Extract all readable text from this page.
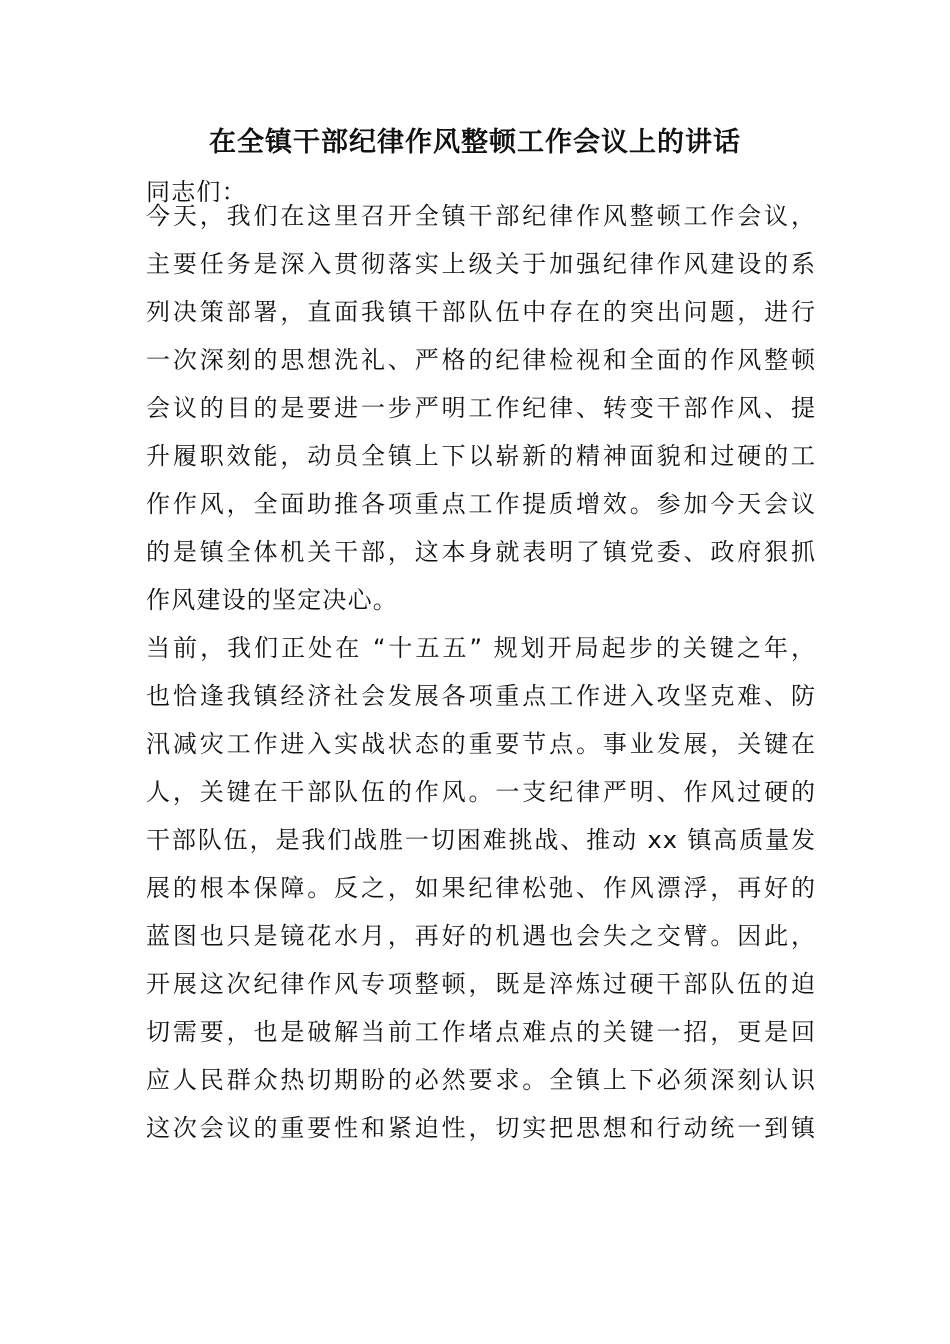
在全镇干部纪律作风整顿工作会议上的讲话
同志们：
今天，我们在这里召开全镇干部纪律作风整顿工作会议，
主要任务是深入贯彻落实上级关于加强纪律作风建设的系
列决策部署，直面我镇干部队伍中存在的突出问题，进行
一次深刻的思想洗礼、严格的纪律检视和全面的作风整顿
会议的目的是要进一步严明工作纪律、转变干部作风、提
升履职效能，动员全镇上下以崭新的精神面貌和过硬的工
作作风，全面助推各项重点工作提质增效。参加今天会议
的是镇全体机关干部，这本身就表明了镇党委、政府狠抓
作风建设的坚定决心。
当前，我们正处在 “十五五” 规划开局起步的关键之年，
也恰逢我镇经济社会发展各项重点工作进入攻坚克难、防
汛减灾工作进入实战状态的重要节点。事业发展，关键在
人，关键在干部队伍的作风。一支纪律严明、作风过硬的
干部队伍，是我们战胜一切困难挑战、推动 xx 镇高质量发
展的根本保障。反之，如果纪律松弛、作风漂浮，再好的
蓝图也只是镜花水月，再好的机遇也会失之交臂。因此，
开展这次纪律作风专项整顿，既是淬炼过硬干部队伍的迫
切需要，也是破解当前工作堵点难点的关键一招，更是回
应人民群众热切期盼的必然要求。全镇上下必须深刻认识
这次会议的重要性和紧迫性，切实把思想和行动统一到镇
